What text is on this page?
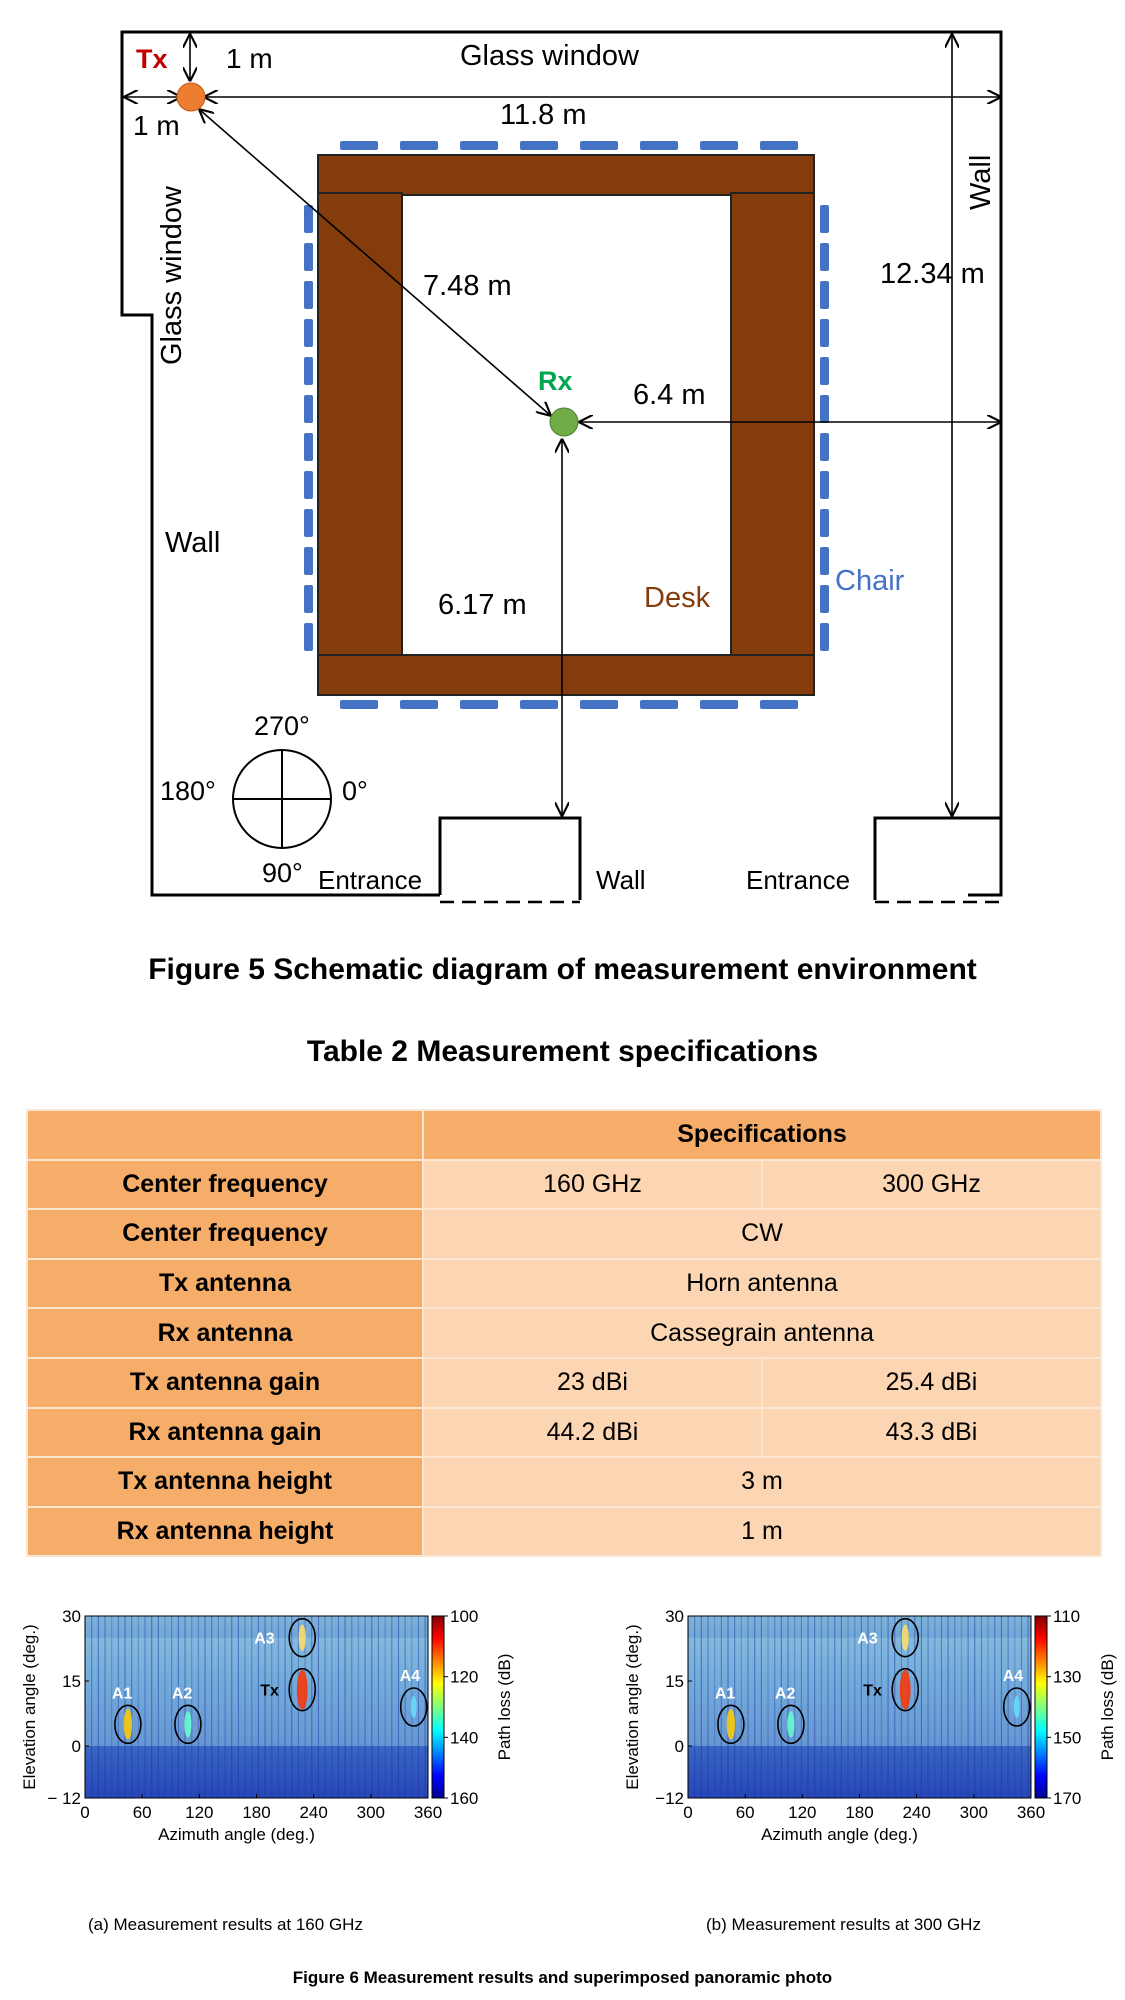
Tx 1 m
1 m
Glass window
11.8 m
Glass window
Wall
12.34 m
7.48 m
Rx 6.4 m
Wall
Chair
Desk
6.17 m
270°
180°	0°
90° Entrance	Wall	Entrance
Figure 5 Schematic diagram of measurement environment
Table 2 Measurement specifications
	Specifications	
Center frequency	160 GHz	300 GHz
Center frequency	CW	
Tx antenna	Horn antenna	
Rx antenna	Cassegrain antenna	
Tx antenna gain	23 dBi	25.4 dBi
Rx antenna gain	44.2 dBi	43.3 dBi
Tx antenna height	3 m	
Rx antenna height	1 m	
A1 A2	Tx
A3
A4
0	60 120 180 240 300 360
30
15
0
− 12
Azimuth angle (deg.)
Elevation angle (deg.)
100
120
140
160
Path loss (dB)	A1 A2	Tx
A3
A4
0	60 120 180 240 300 360
30
15
0
−12
Azimuth angle (deg.)
Elevation angle (deg.)
110
130
150
170
Path loss (dB)
(a) Measurement results at 160 GHz	(b) Measurement results at 300 GHz
Figure 6 Measurement results and superimposed panoramic photo
